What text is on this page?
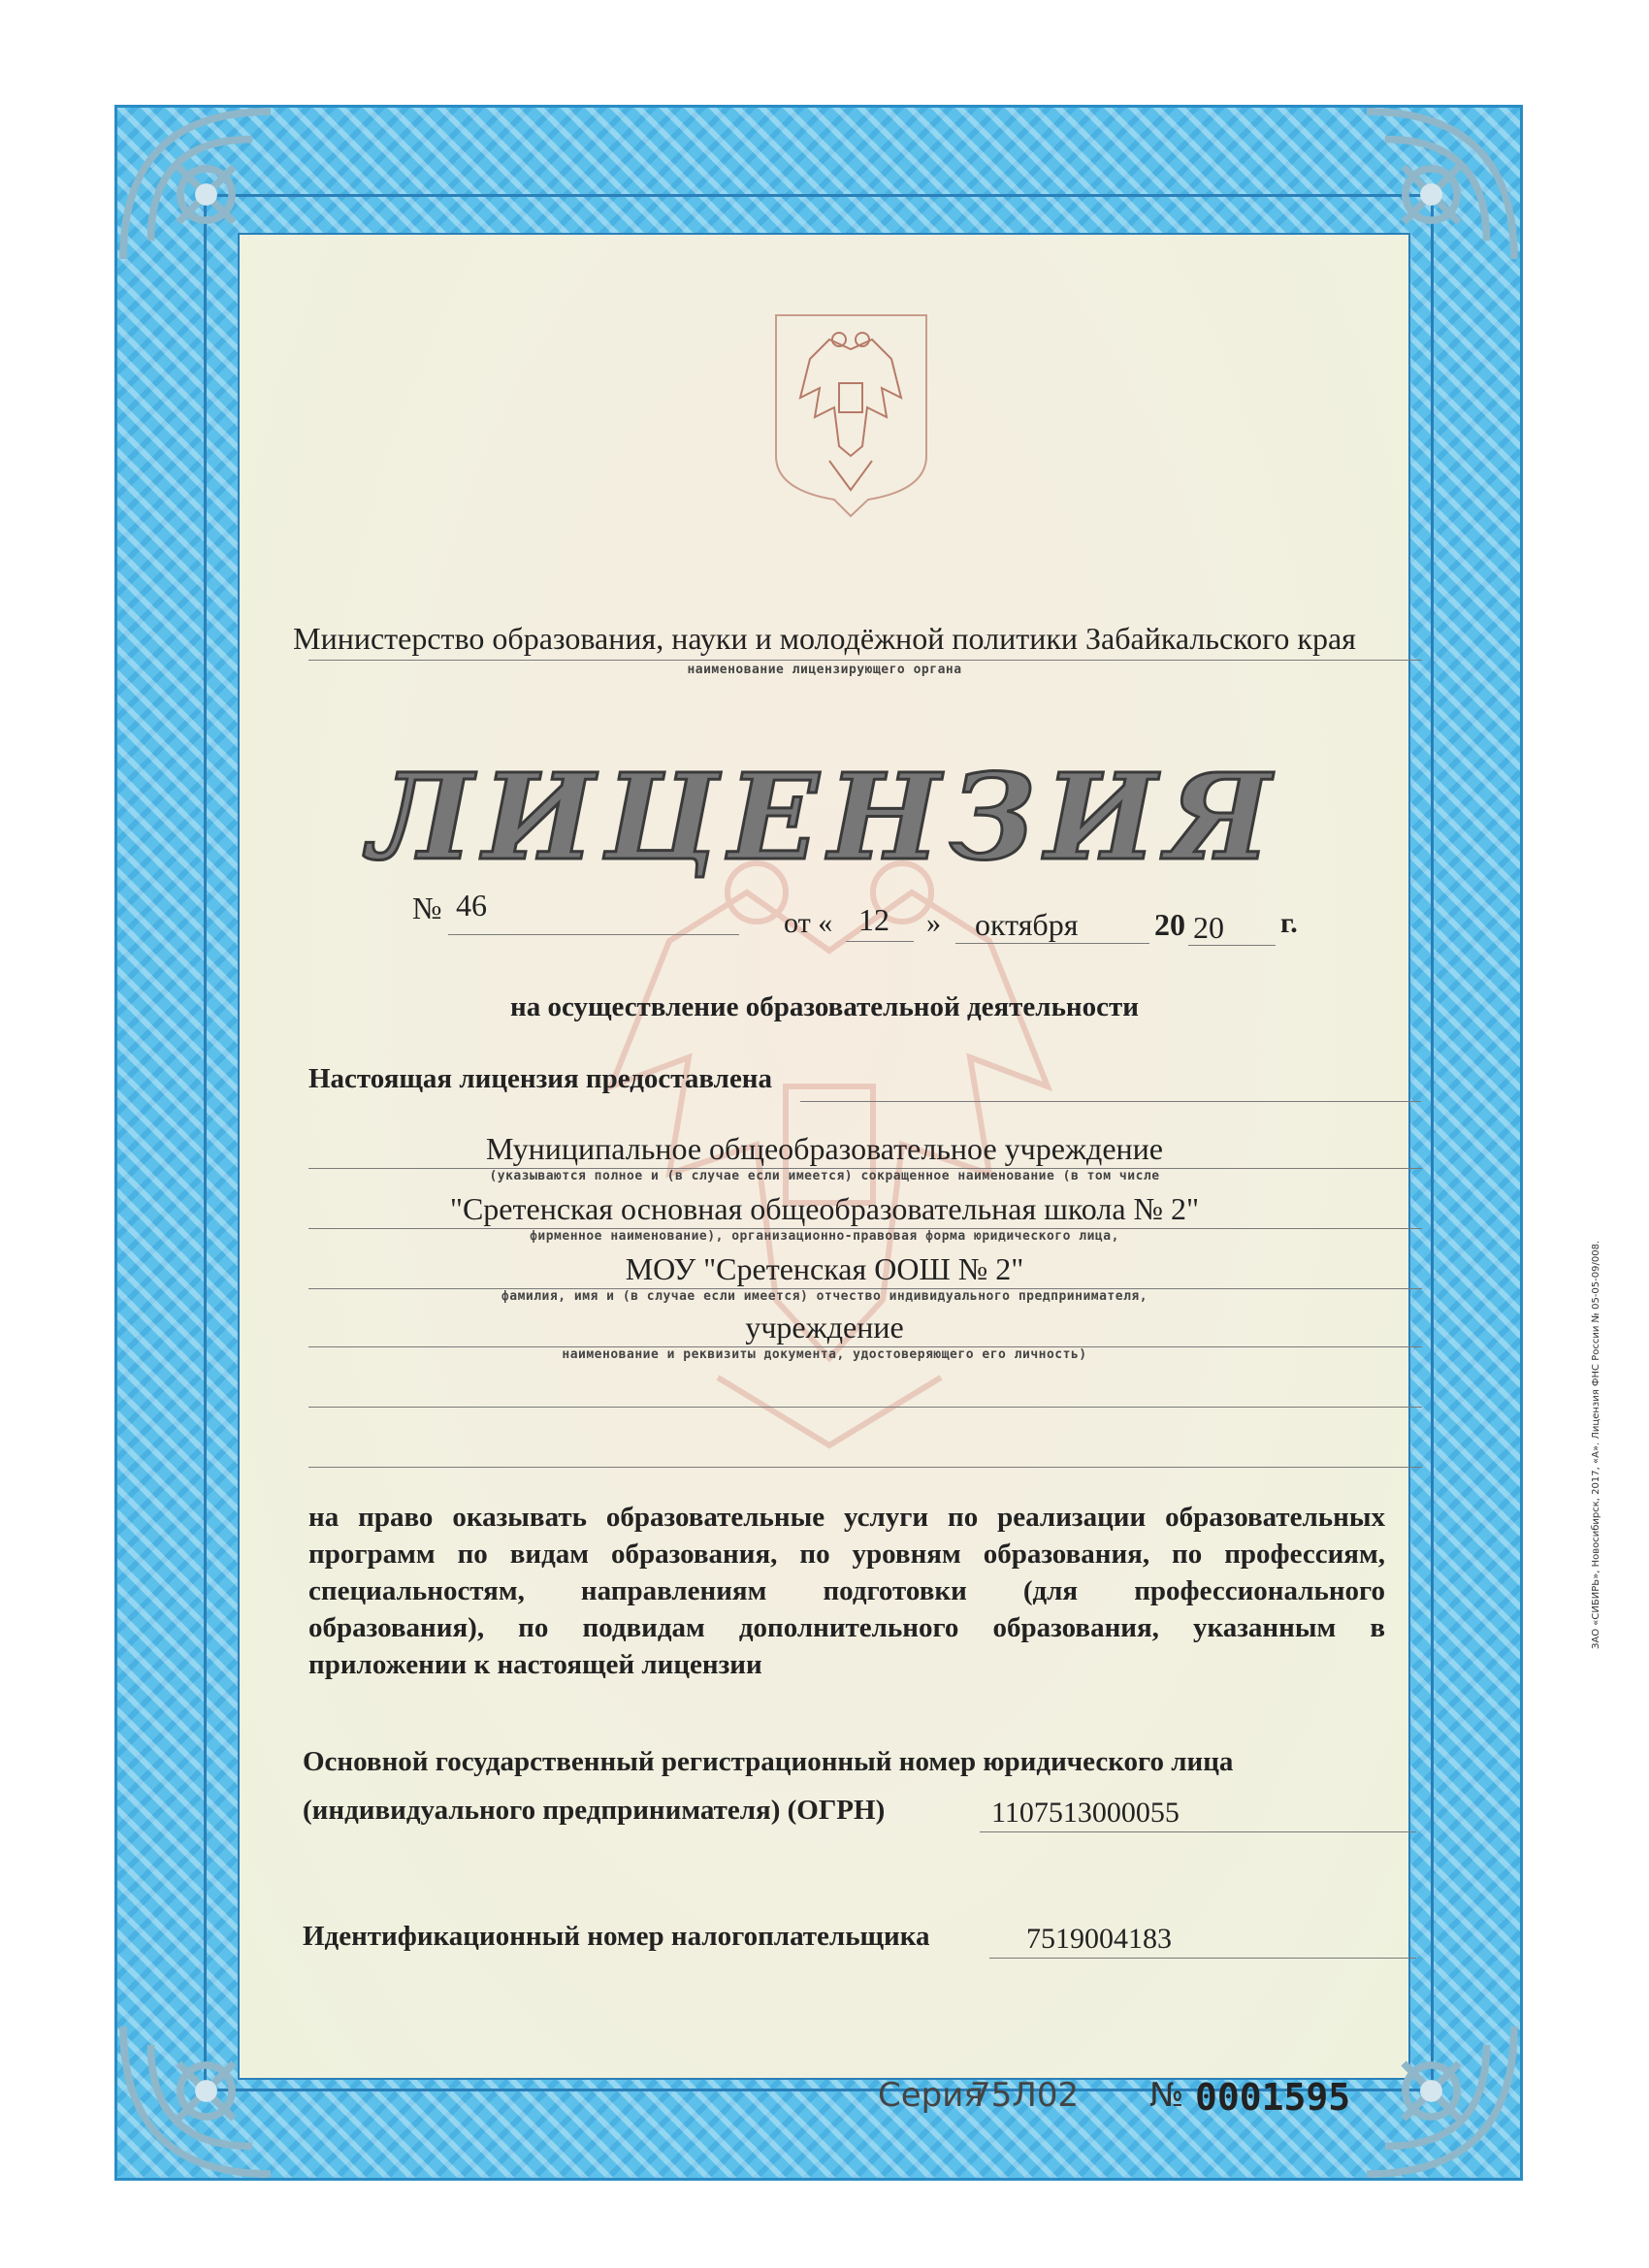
Министерство образования, науки и молодёжной политики Забайкальского края
наименование лицензирующего органа
ЛИЦЕНЗИЯ
№ 46
от « 12 » октября 20 20 г.
на осуществление образовательной деятельности
Настоящая лицензия предоставлена
Муниципальное общеобразовательное учреждение
(указываются полное и (в случае если имеется) сокращенное наименование (в том числе
"Сретенская основная общеобразовательная школа № 2"
фирменное наименование), организационно-правовая форма юридического лица,
МОУ "Сретенская ООШ № 2"
фамилия, имя и (в случае если имеется) отчество индивидуального предпринимателя,
учреждение
наименование и реквизиты документа, удостоверяющего его личность)
на право оказывать образовательные услуги по реализации образовательных
программ по видам образования, по уровням образования, по профессиям,
специальностям, направлениям подготовки (для профессионального
образования), по подвидам дополнительного образования, указанным в
приложении к настоящей лицензии
Основной государственный регистрационный номер юридического лица
(индивидуального предпринимателя) (ОГРН)	1107513000055
Идентификационный номер налогоплательщика	7519004183
Серия
75Л02 № 0001595
ЗАО «СИБИРЬ», Новосибирск, 2017, «А». Лицензия ФНС России № 05-05-09/008.
